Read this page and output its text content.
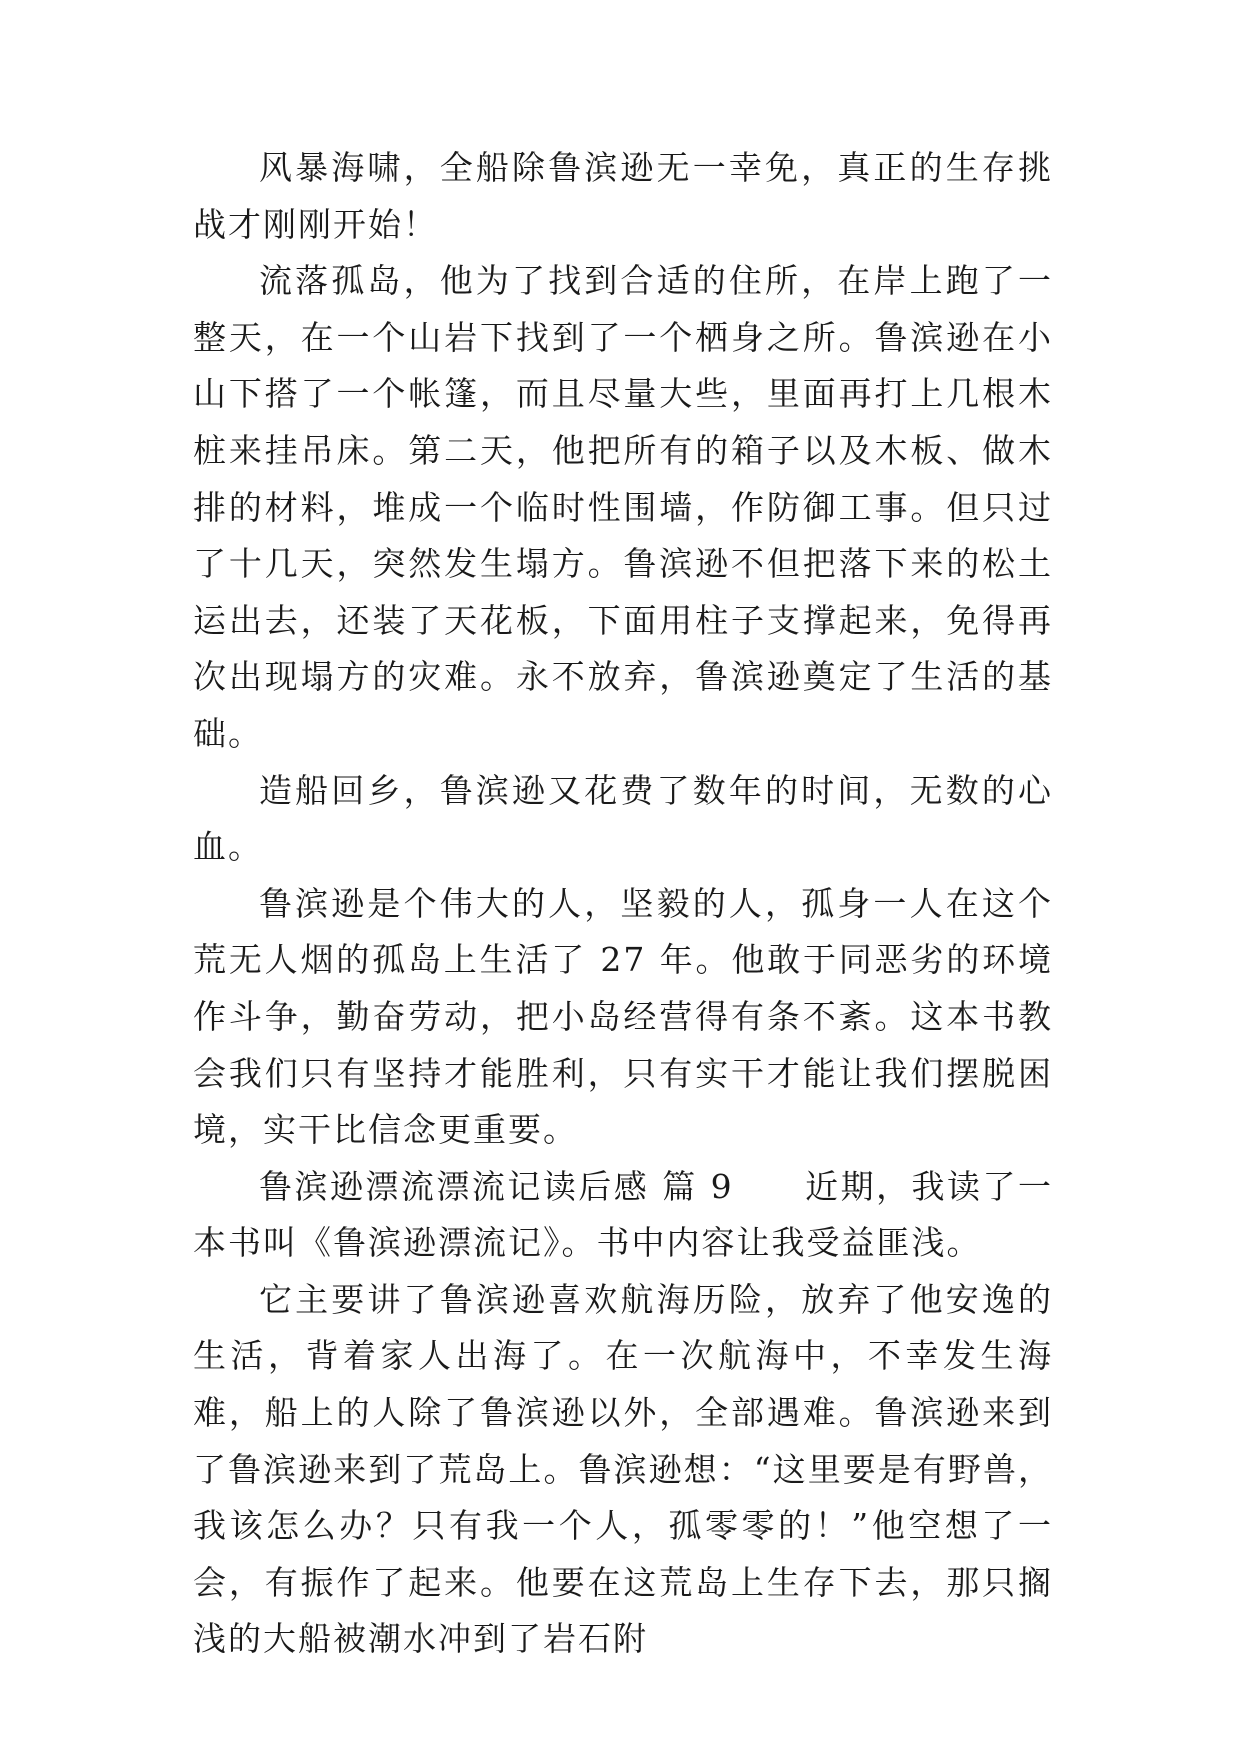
风暴海啸，全船除鲁滨逊无一幸免，真正的生存挑战才刚刚开始！

流落孤岛，他为了找到合适的住所，在岸上跑了一整天，在一个山岩下找到了一个栖身之所。鲁滨逊在小山下搭了一个帐篷，而且尽量大些，里面再打上几根木桩来挂吊床。第二天，他把所有的箱子以及木板、做木排的材料，堆成一个临时性围墙，作防御工事。但只过了十几天，突然发生塌方。鲁滨逊不但把落下来的松土运出去，还装了天花板，下面用柱子支撑起来，免得再次出现塌方的灾难。永不放弃，鲁滨逊奠定了生活的基础。

造船回乡，鲁滨逊又花费了数年的时间，无数的心血。

鲁滨逊是个伟大的人，坚毅的人，孤身一人在这个荒无人烟的孤岛上生活了 27 年。他敢于同恶劣的环境作斗争，勤奋劳动，把小岛经营得有条不紊。这本书教会我们只有坚持才能胜利，只有实干才能让我们摆脱困境，实干比信念更重要。

鲁滨逊漂流漂流记读后感 篇 9　　近期，我读了一本书叫《鲁滨逊漂流记》。书中内容让我受益匪浅。

它主要讲了鲁滨逊喜欢航海历险，放弃了他安逸的生活，背着家人出海了。在一次航海中，不幸发生海难，船上的人除了鲁滨逊以外，全部遇难。鲁滨逊来到了鲁滨逊来到了荒岛上。鲁滨逊想：“这里要是有野兽，我该怎么办？只有我一个人，孤零零的！”他空想了一会，有振作了起来。他要在这荒岛上生存下去，那只搁浅的大船被潮水冲到了岩石附
